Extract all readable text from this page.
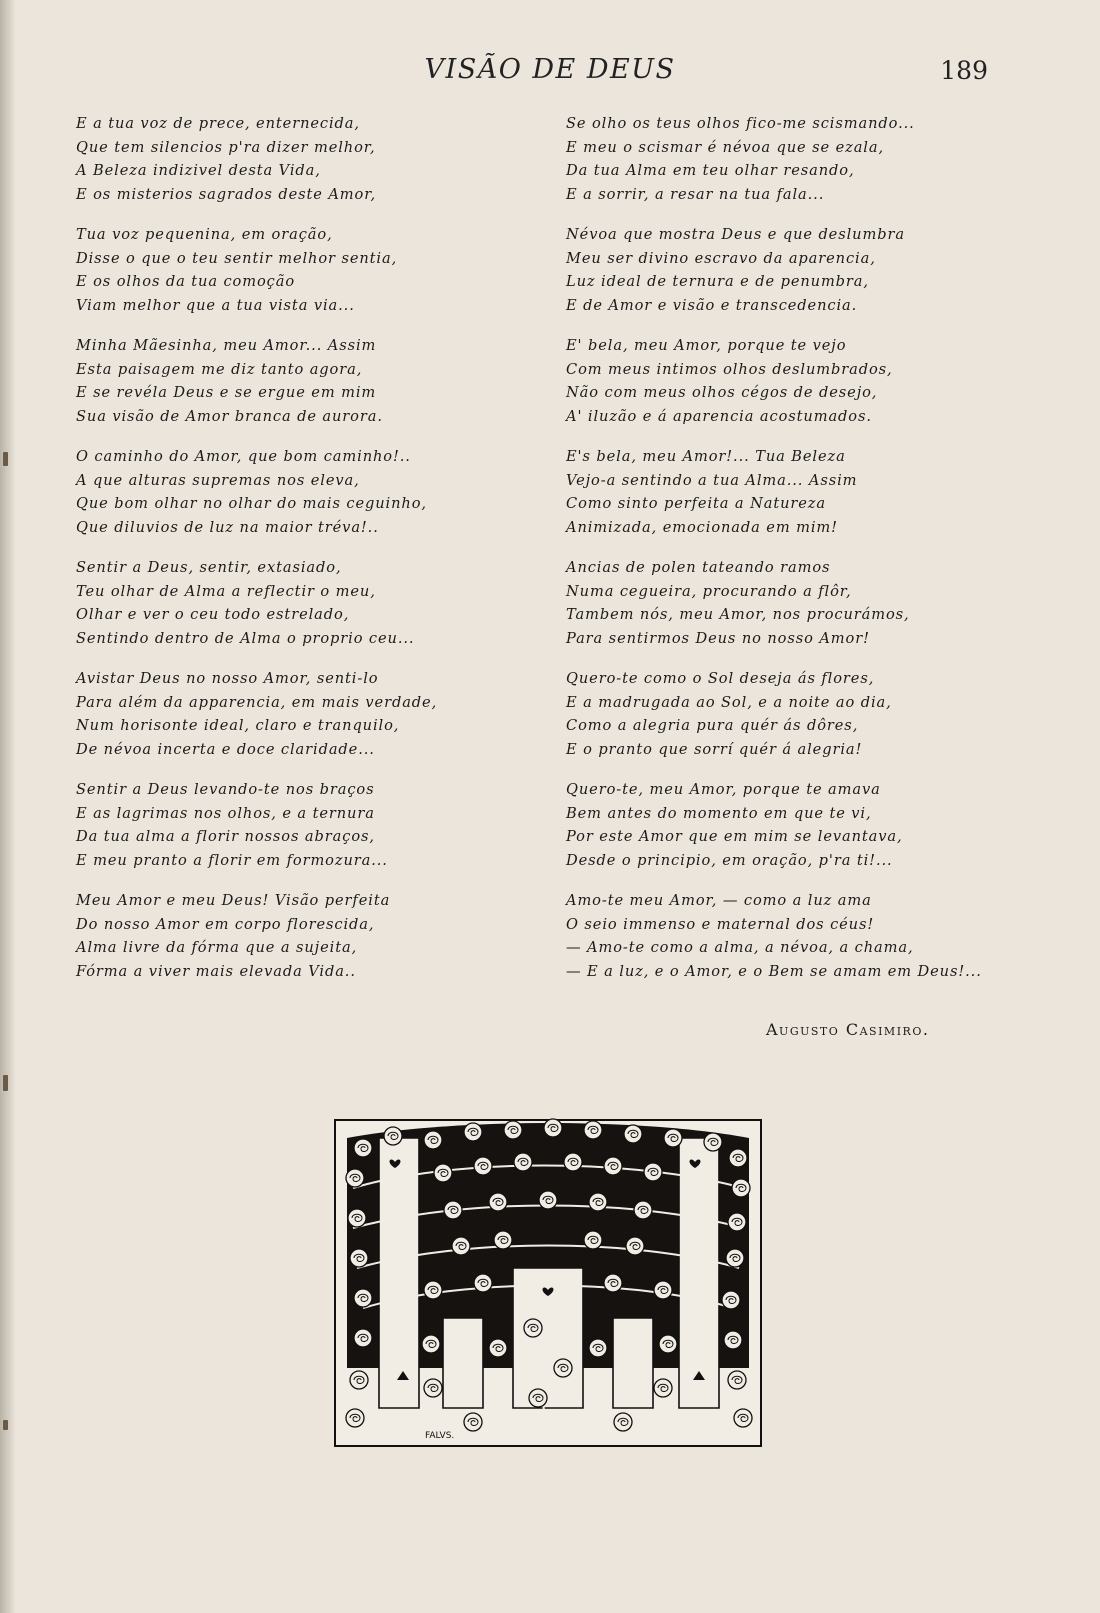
VISÃO DE DEUS	189
E a tua voz de prece, enternecida,
Que tem silencios p'ra dizer melhor,
A Beleza indizivel desta Vida,
E os misterios sagrados deste Amor,
Tua voz pequenina, em oração,
Disse o que o teu sentir melhor sentia,
E os olhos da tua comoção
Viam melhor que a tua vista via...
Minha Mãesinha, meu Amor... Assim
Esta paisagem me diz tanto agora,
E se revéla Deus e se ergue em mim
Sua visão de Amor branca de aurora.
O caminho do Amor, que bom caminho!..
A que alturas supremas nos eleva,
Que bom olhar no olhar do mais ceguinho,
Que diluvios de luz na maior tréva!..
Sentir a Deus, sentir, extasiado,
Teu olhar de Alma a reflectir o meu,
Olhar e ver o ceu todo estrelado,
Sentindo dentro de Alma o proprio ceu...
Avistar Deus no nosso Amor, senti-lo
Para além da apparencia, em mais verdade,
Num horisonte ideal, claro e tranquilo,
De névoa incerta e doce claridade...
Sentir a Deus levando-te nos braços
E as lagrimas nos olhos, e a ternura
Da tua alma a florir nossos abraços,
E meu pranto a florir em formozura...
Meu Amor e meu Deus! Visão perfeita
Do nosso Amor em corpo florescida,
Alma livre da fórma que a sujeita,
Fórma a viver mais elevada Vida..
Se olho os teus olhos fico-me scismando...
E meu o scismar é névoa que se ezala,
Da tua Alma em teu olhar resando,
E a sorrir, a resar na tua fala...
Névoa que mostra Deus e que deslumbra
Meu ser divino escravo da aparencia,
Luz ideal de ternura e de penumbra,
E de Amor e visão e transcedencia.
E' bela, meu Amor, porque te vejo
Com meus intimos olhos deslumbrados,
Não com meus olhos cégos de desejo,
A' iluzão e á aparencia acostumados.
E's bela, meu Amor!... Tua Beleza
Vejo-a sentindo a tua Alma... Assim
Como sinto perfeita a Natureza
Animizada, emocionada em mim!
Ancias de polen tateando ramos
Numa cegueira, procurando a flôr,
Tambem nós, meu Amor, nos procurámos,
Para sentirmos Deus no nosso Amor!
Quero-te como o Sol deseja ás flores,
E a madrugada ao Sol, e a noite ao dia,
Como a alegria pura quér ás dôres,
E o pranto que sorrí quér á alegria!
Quero-te, meu Amor, porque te amava
Bem antes do momento em que te vi,
Por este Amor que em mim se levantava,
Desde o principio, em oração, p'ra ti!...
Amo-te meu Amor, — como a luz ama
O seio immenso e maternal dos céus!
— Amo-te como a alma, a névoa, a chama,
— E a luz, e o Amor, e o Bem se amam em Deus!...
Augusto Casimiro.
FALVS.
